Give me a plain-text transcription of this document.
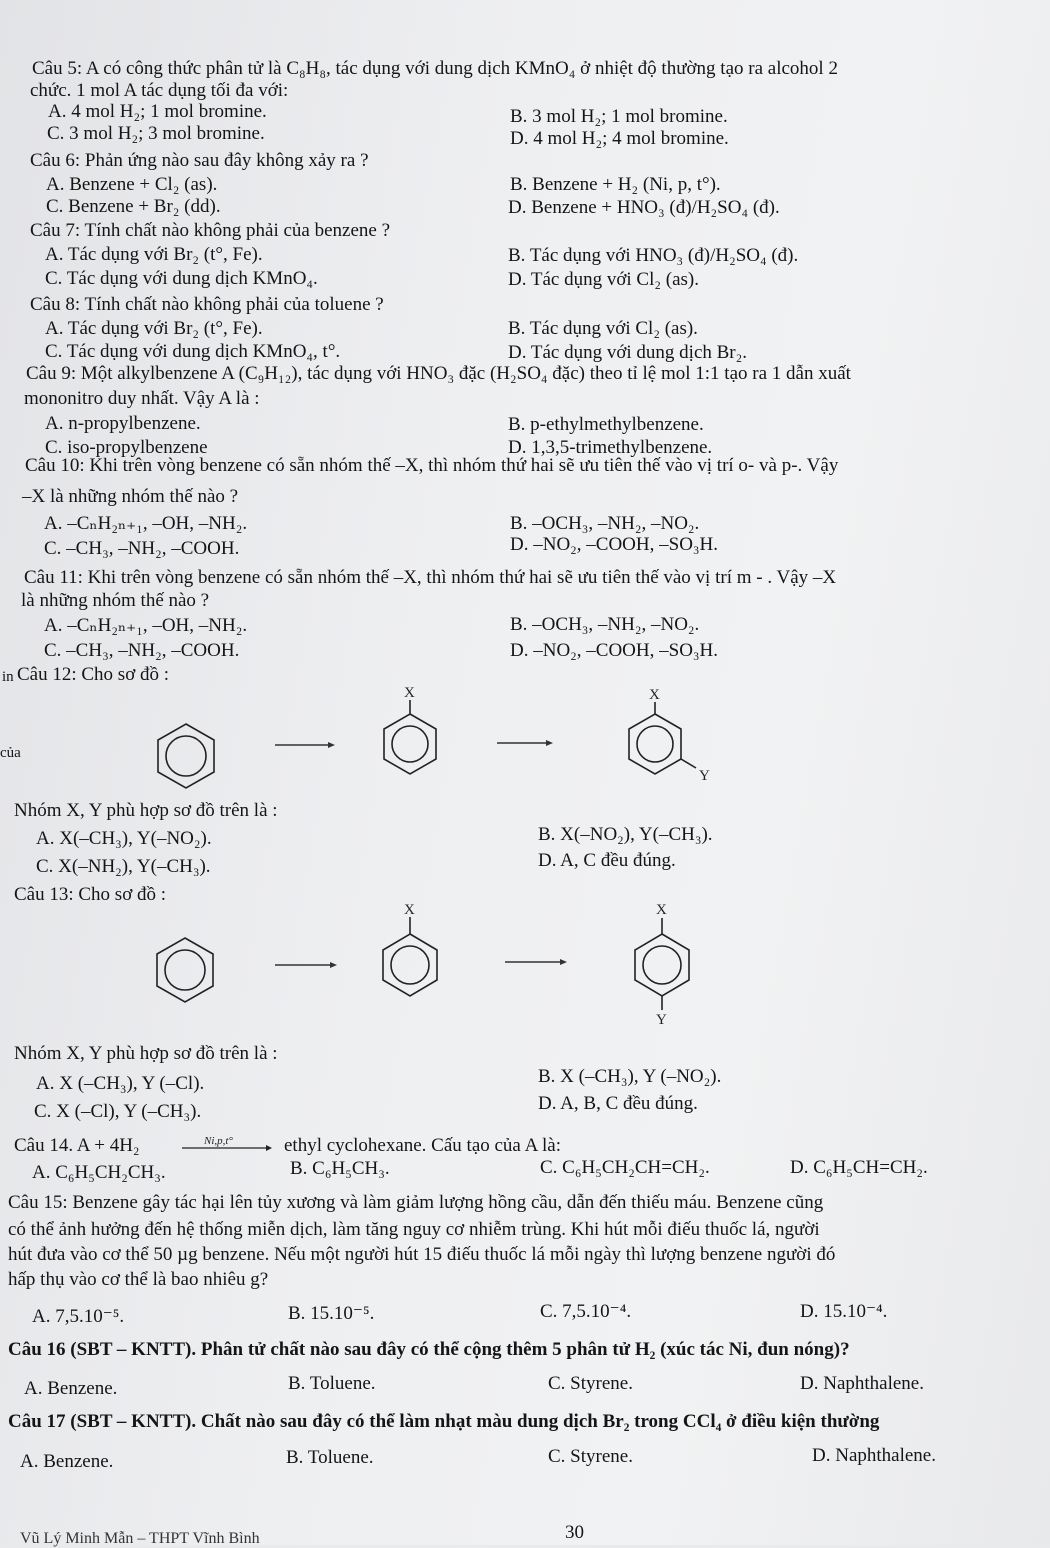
Câu 5: A có công thức phân tử là C₈H₈, tác dụng với dung dịch KMnO₄ ở nhiệt độ thường tạo ra alcohol 2
chức. 1 mol A tác dụng tối đa với:
A. 4 mol H₂; 1 mol bromine.	B. 3 mol H₂; 1 mol bromine.
C. 3 mol H₂; 3 mol bromine.	D. 4 mol H₂; 4 mol bromine.
Câu 6: Phản ứng nào sau đây không xảy ra ?
A. Benzene + Cl₂ (as).	B. Benzene + H₂ (Ni, p, t°).
C. Benzene + Br₂ (dd).	D. Benzene + HNO₃ (đ)/H₂SO₄ (đ).
Câu 7: Tính chất nào không phải của benzene ?
A. Tác dụng với Br₂ (t°, Fe).	B. Tác dụng với HNO₃ (đ)/H₂SO₄ (đ).
C. Tác dụng với dung dịch KMnO₄.	D. Tác dụng với Cl₂ (as).
Câu 8: Tính chất nào không phải của toluene ?
A. Tác dụng với Br₂ (t°, Fe).	B. Tác dụng với Cl₂ (as).
C. Tác dụng với dung dịch KMnO₄, t°.	D. Tác dụng với dung dịch Br₂.
Câu 9: Một alkylbenzene A (C₉H₁₂), tác dụng với HNO₃ đặc (H₂SO₄ đặc) theo tỉ lệ mol 1:1 tạo ra 1 dẫn xuất
mononitro duy nhất. Vậy A là :
A. n-propylbenzene.	B. p-ethylmethylbenzene.
C. iso-propylbenzene	D. 1,3,5-trimethylbenzene.
Câu 10: Khi trên vòng benzene có sẵn nhóm thế –X, thì nhóm thứ hai sẽ ưu tiên thế vào vị trí o- và p-. Vậy
–X là những nhóm thế nào ?
A. –CₙH₂ₙ₊₁, –OH, –NH₂.	B. –OCH₃, –NH₂, –NO₂.
C. –CH₃, –NH₂, –COOH.	D. –NO₂, –COOH, –SO₃H.
Câu 11: Khi trên vòng benzene có sẵn nhóm thế –X, thì nhóm thứ hai sẽ ưu tiên thế vào vị trí m - . Vậy –X
là những nhóm thế nào ?
A. –CₙH₂ₙ₊₁, –OH, –NH₂.	B. –OCH₃, –NH₂, –NO₂.
C. –CH₃, –NH₂, –COOH.	D. –NO₂, –COOH, –SO₃H.
in Câu 12: Cho sơ đồ :
của
X	X
Y
Nhóm X, Y phù hợp sơ đồ trên là :
A. X(–CH₃), Y(–NO₂).	B. X(–NO₂), Y(–CH₃).
C. X(–NH₂), Y(–CH₃).	D. A, C đều đúng.
Câu 13: Cho sơ đồ :
X	X
Y
Nhóm X, Y phù hợp sơ đồ trên là :
A. X (–CH₃), Y (–Cl).	B. X (–CH₃), Y (–NO₂).
C. X (–Cl), Y (–CH₃).	D. A, B, C đều đúng.
Câu 14. A + 4H₂	Ni,p,t°	ethyl cyclohexane. Cấu tạo của A là:
A. C₆H₅CH₂CH₃.	B. C₆H₅CH₃.	C. C₆H₅CH₂CH=CH₂.	D. C₆H₅CH=CH₂.
Câu 15: Benzene gây tác hại lên tủy xương và làm giảm lượng hồng cầu, dẫn đến thiếu máu. Benzene cũng
có thể ảnh hưởng đến hệ thống miễn dịch, làm tăng nguy cơ nhiễm trùng. Khi hút mỗi điếu thuốc lá, người
hút đưa vào cơ thể 50 µg benzene. Nếu một người hút 15 điếu thuốc lá mỗi ngày thì lượng benzene người đó
hấp thụ vào cơ thể là bao nhiêu g?
A. 7,5.10⁻⁵.	B. 15.10⁻⁵.	C. 7,5.10⁻⁴.	D. 15.10⁻⁴.
Câu 16 (SBT – KNTT). Phân tử chất nào sau đây có thể cộng thêm 5 phân tử H₂ (xúc tác Ni, đun nóng)?
A. Benzene.	B. Toluene.	C. Styrene.	D. Naphthalene.
Câu 17 (SBT – KNTT). Chất nào sau đây có thể làm nhạt màu dung dịch Br₂ trong CCl₄ ở điều kiện thường
A. Benzene.	B. Toluene.	C. Styrene.	D. Naphthalene.
Vũ Lý Minh Mẫn – THPT Vĩnh Bình	30
